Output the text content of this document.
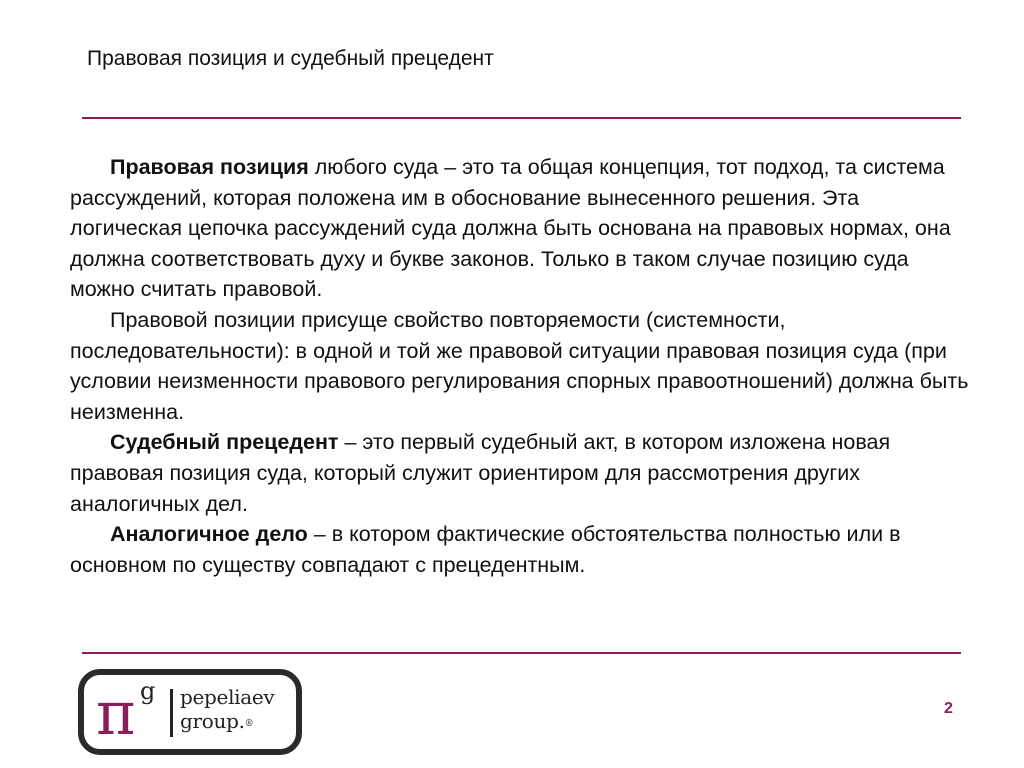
Правовая позиция и судебный прецедент

Правовая позиция любого суда – это та общая концепция, тот подход, та система рассуждений, которая положена им в обоснование вынесенного решения. Эта логическая цепочка рассуждений суда должна быть основана на правовых нормах, она должна соответствовать духу и букве законов. Только в таком случае позицию суда можно считать правовой.

Правовой позиции присуще свойство повторяемости (системности, последовательности): в одной и той же правовой ситуации правовая позиция суда (при условии неизменности правового регулирования спорных правоотношений) должна быть неизменна.

Судебный прецедент – это первый судебный акт, в котором изложена новая правовая позиция суда, который служит ориентиром для рассмотрения других аналогичных дел.

Аналогичное дело – в котором фактические обстоятельства полностью или в основном по существу совпадают с прецедентным.

π g pepeliaev
group.®
2
